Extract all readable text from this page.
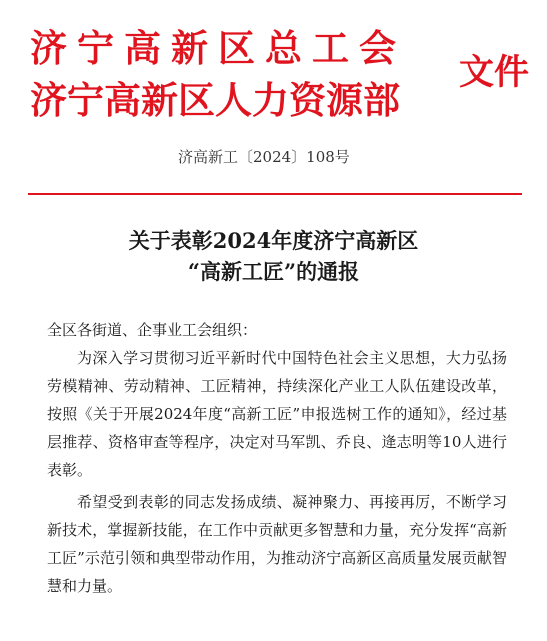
济宁高新区总工会
济宁高新区人力资源部
文件
济高新工〔2024〕108号
关于表彰2024年度济宁高新区
“高新工匠”的通报

全区各街道、企事业工会组织：

为深入学习贯彻习近平新时代中国特色社会主义思想，大力弘扬劳模精神、劳动精神、工匠精神，持续深化产业工人队伍建设改革，按照《关于开展2024年度“高新工匠”申报选树工作的通知》，经过基层推荐、资格审查等程序，决定对马军凯、乔良、逄志明等10人进行表彰。

希望受到表彰的同志发扬成绩、凝神聚力、再接再厉，不断学习新技术，掌握新技能，在工作中贡献更多智慧和力量，充分发挥“高新工匠”示范引领和典型带动作用，为推动济宁高新区高质量发展贡献智慧和力量。
